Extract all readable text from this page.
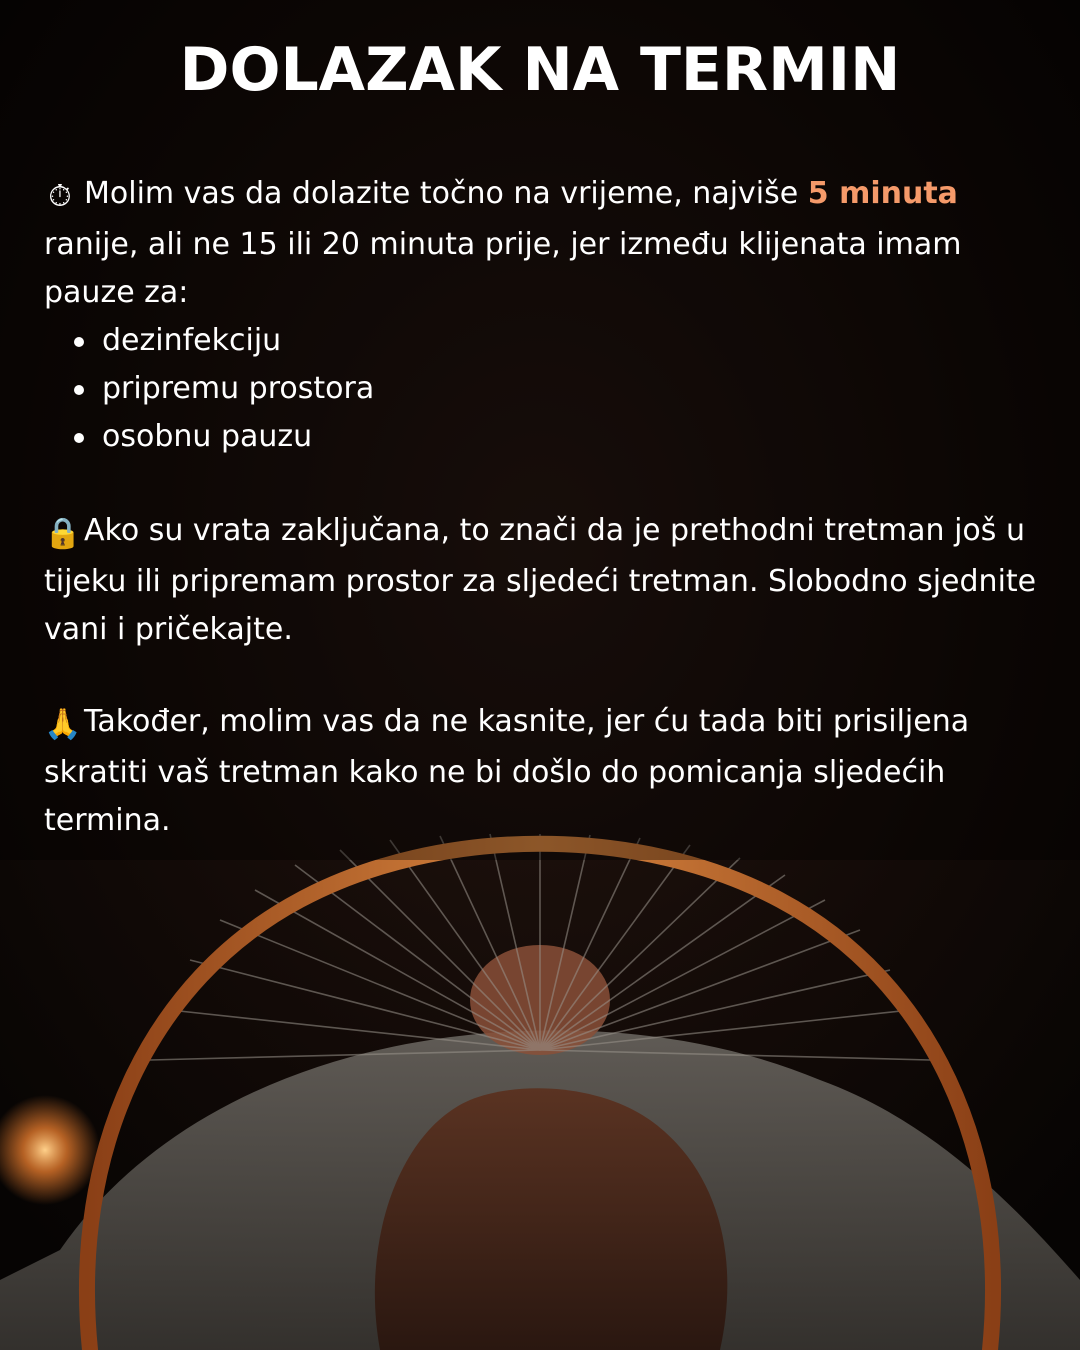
DOLAZAK NA TERMIN
⏱ Molim vas da dolazite točno na vrijeme, najviše 5 minuta ranije, ali ne 15 ili 20 minuta prije, jer između klijenata imam pauze za:
dezinfekciju
pripremu prostora
osobnu pauzu
🔒Ako su vrata zaključana, to znači da je prethodni tretman još u tijeku ili pripremam prostor za sljedeći tretman. Slobodno sjednite vani i pričekajte.
🙏Također, molim vas da ne kasnite, jer ću tada biti prisiljena skratiti vaš tretman kako ne bi došlo do pomicanja sljedećih termina.
